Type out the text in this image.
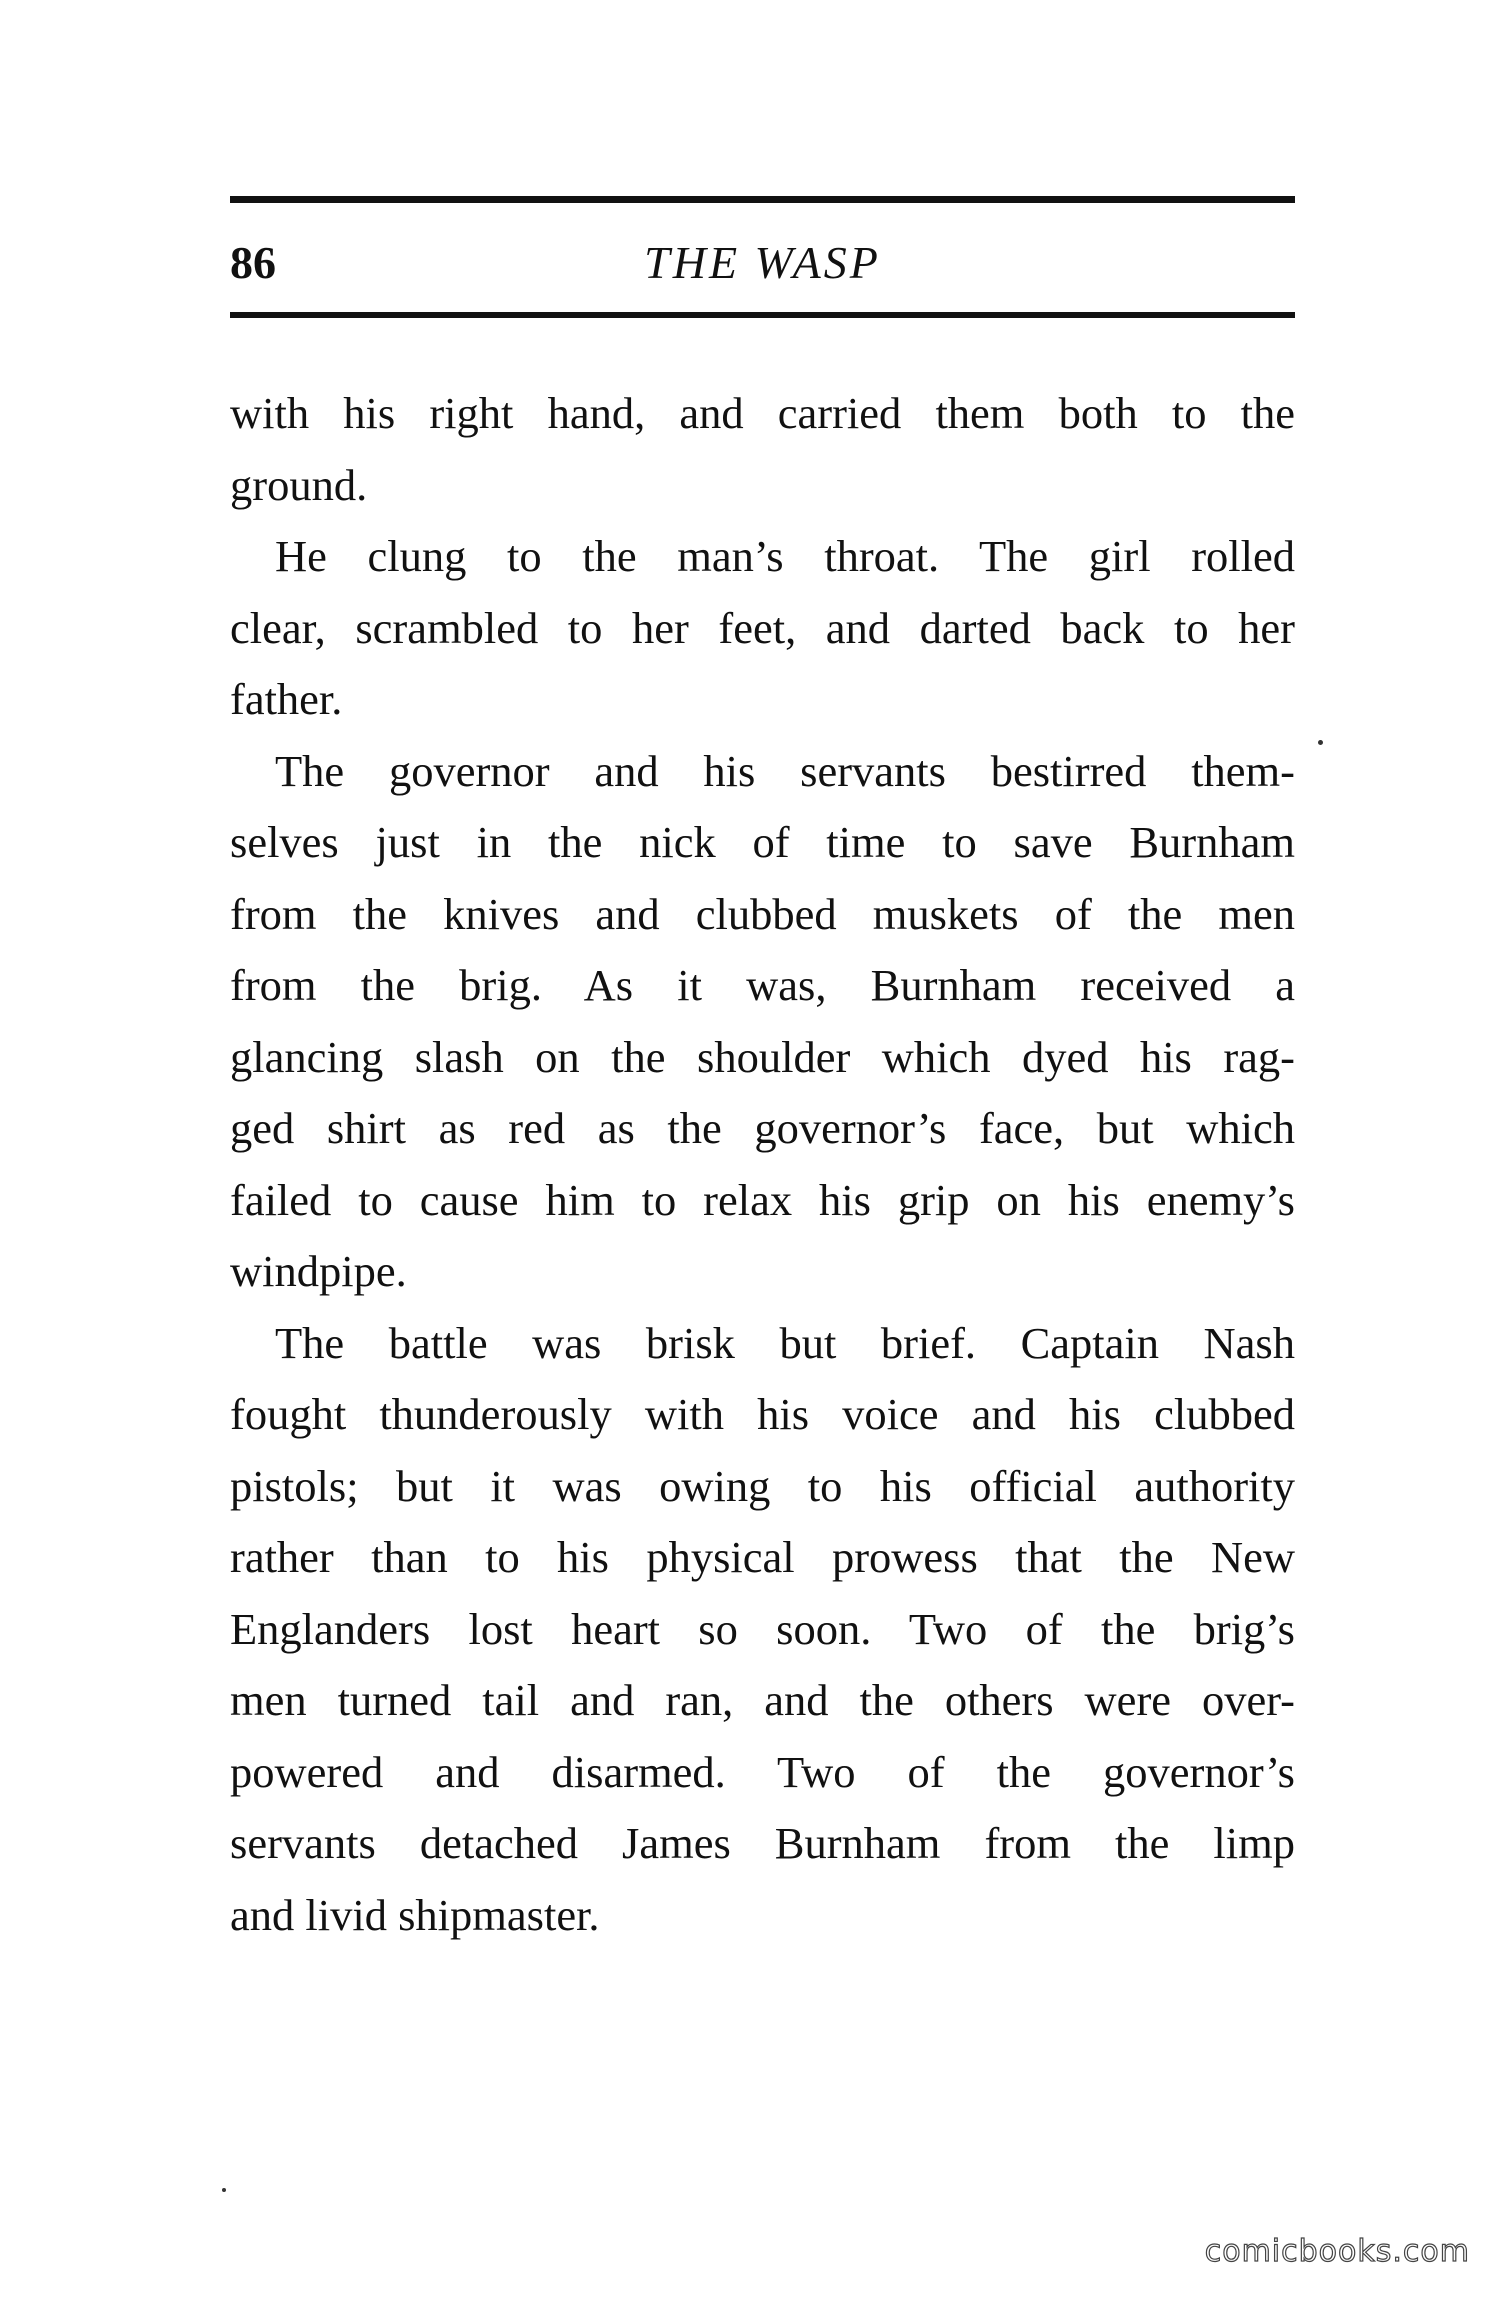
86	THE WASP
with his right hand, and carried them both to the
ground.
He clung to the man’s throat. The girl rolled
clear, scrambled to her feet, and darted back to her
father.
The governor and his servants bestirred them-
selves just in the nick of time to save Burnham
from the knives and clubbed muskets of the men
from the brig. As it was, Burnham received a
glancing slash on the shoulder which dyed his rag-
ged shirt as red as the governor’s face, but which
failed to cause him to relax his grip on his enemy’s
windpipe.
The battle was brisk but brief. Captain Nash
fought thunderously with his voice and his clubbed
pistols; but it was owing to his official authority
rather than to his physical prowess that the New
Englanders lost heart so soon. Two of the brig’s
men turned tail and ran, and the others were over-
powered and disarmed. Two of the governor’s
servants detached James Burnham from the limp
and livid shipmaster.
comicbooks.com
